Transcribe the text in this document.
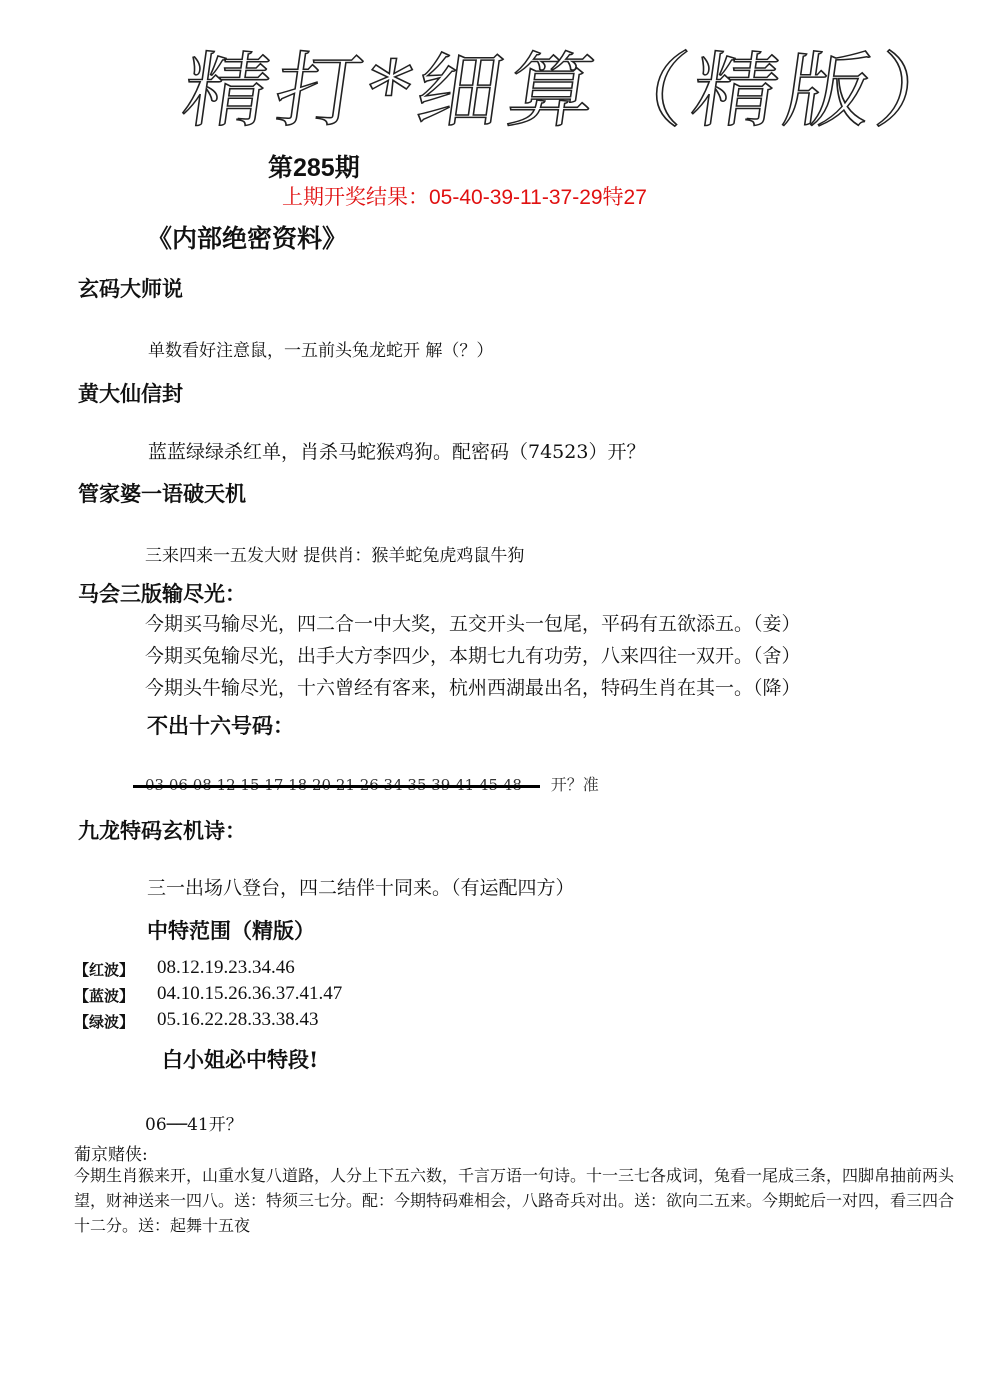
精打*细算（精版）
第285期
上期开奖结果：05-40-39-11-37-29特27
《内部绝密资料》
玄码大师说
单数看好注意鼠，一五前头兔龙蛇开 解（？）
黄大仙信封
蓝蓝绿绿杀红单，肖杀马蛇猴鸡狗。配密码（74523）开？
管家婆一语破天机
三来四来一五发大财 提供肖：猴羊蛇兔虎鸡鼠牛狗
马会三版输尽光：
今期买马输尽光，四二合一中大奖，五交开头一包尾，平码有五欲添五。（妾）
今期买兔输尽光，出手大方李四少，本期七九有功劳，八来四往一双开。（舍）
今期头牛输尽光，十六曾经有客来，杭州西湖最出名，特码生肖在其一。（降）
不出十六号码：
开？准
九龙特码玄机诗：
三一出场八登台，四二结伴十同来。（有运配四方）
中特范围（精版）
【红波】 08.12.19.23.34.46
【蓝波】 04.10.15.26.36.37.41.47
【绿波】 05.16.22.28.33.38.43
白小姐必中特段!
06──41开？
葡京赌侠:
今期生肖猴来开，山重水复八道路，人分上下五六数，千言万语一句诗。十一三七各成词，兔看一尾成三条，四脚帛抽前两头望，财神送来一四八。送：特须三七分。配：今期特码难相会，八路奇兵对出。送：欲向二五来。今期蛇后一对四，看三四合十二分。送：起舞十五夜
